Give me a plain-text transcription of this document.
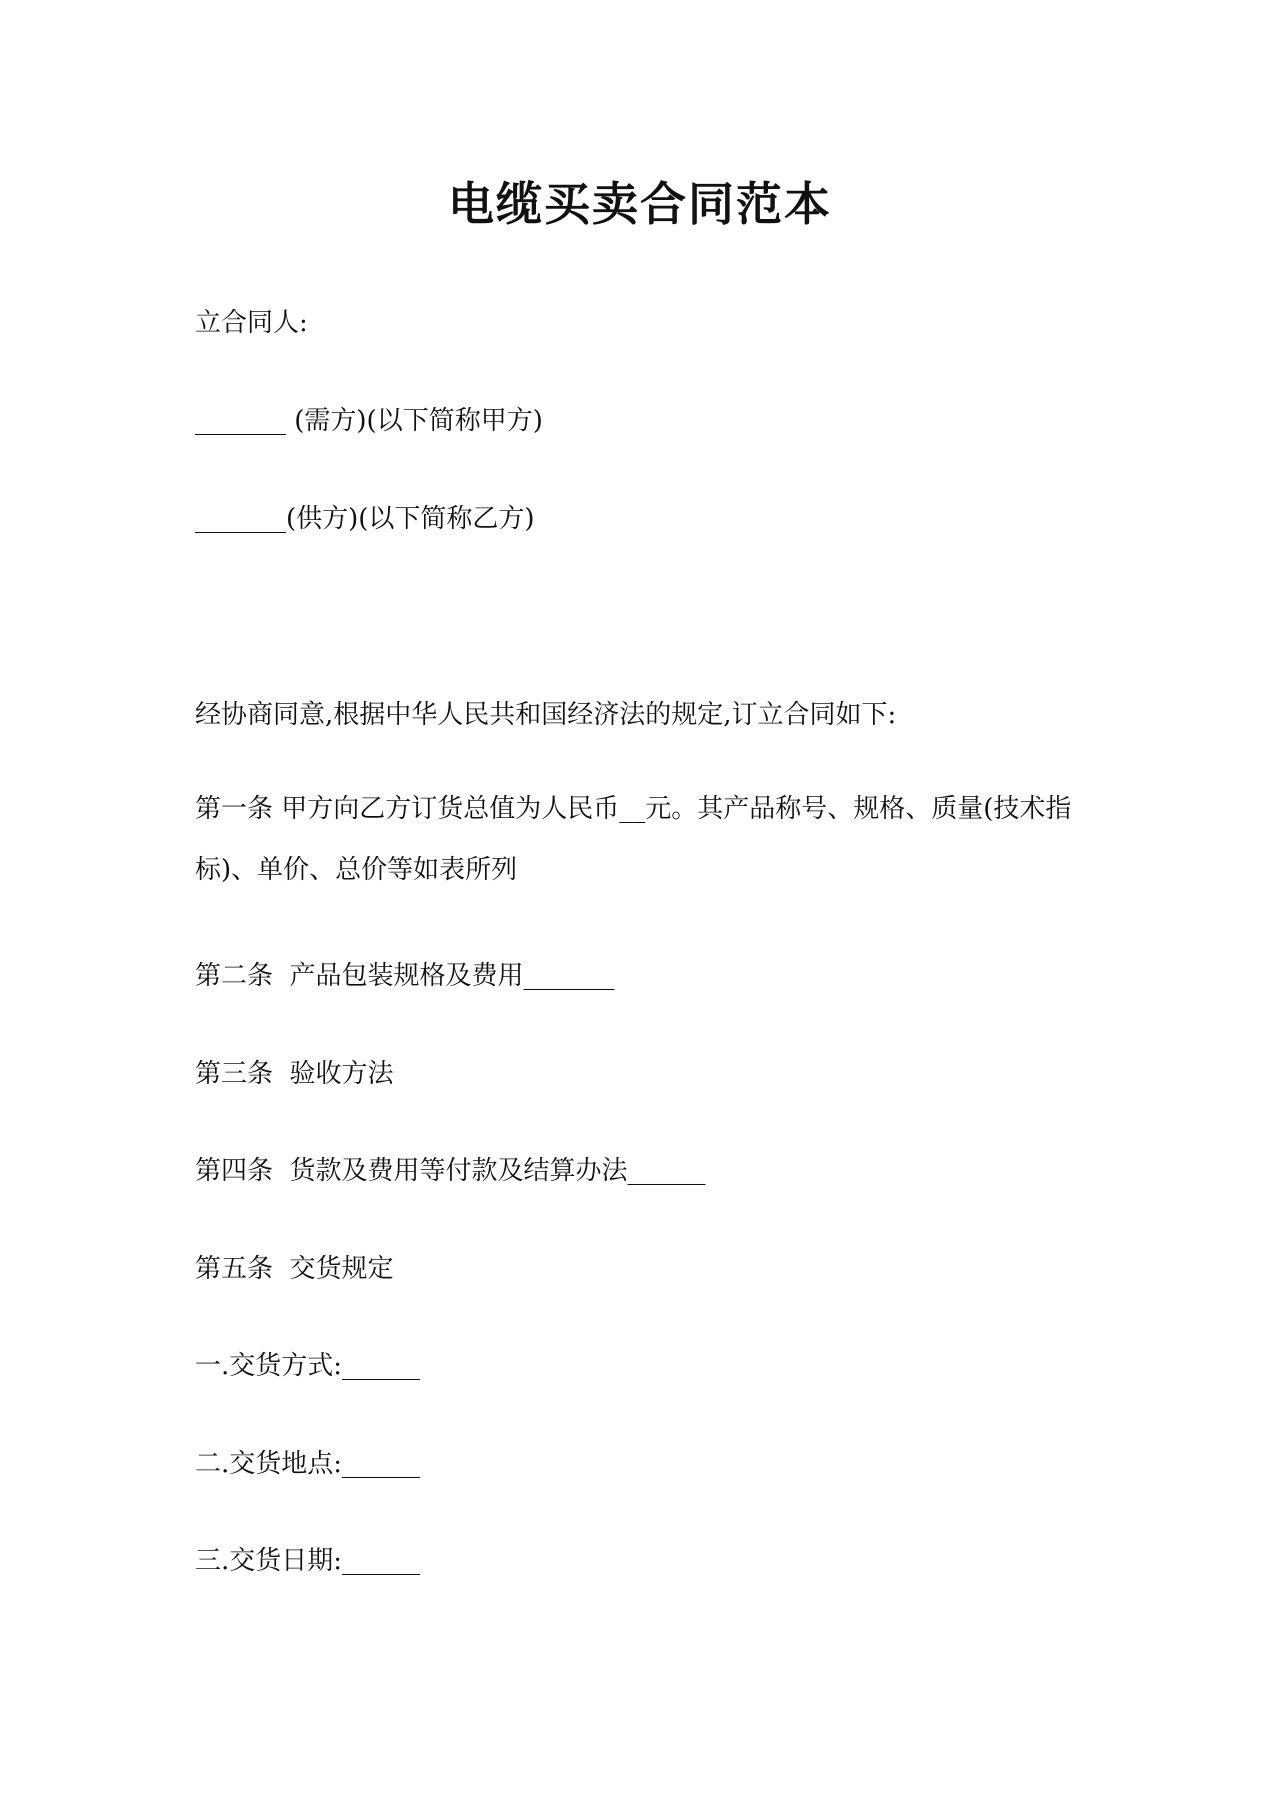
电缆买卖合同范本
立合同人:
_______ (需方)(以下简称甲方)
_______(供方)(以下简称乙方)
经协商同意,根据中华人民共和国经济法的规定,订立合同如下:
第一条 甲方向乙方订货总值为人民币__元。其产品称号、规格、质量(技术指标)、单价、总价等如表所列
第二条  产品包装规格及费用_______
第三条  验收方法
第四条  货款及费用等付款及结算办法______
第五条  交货规定
一.交货方式:______
二.交货地点:______
三.交货日期:______
